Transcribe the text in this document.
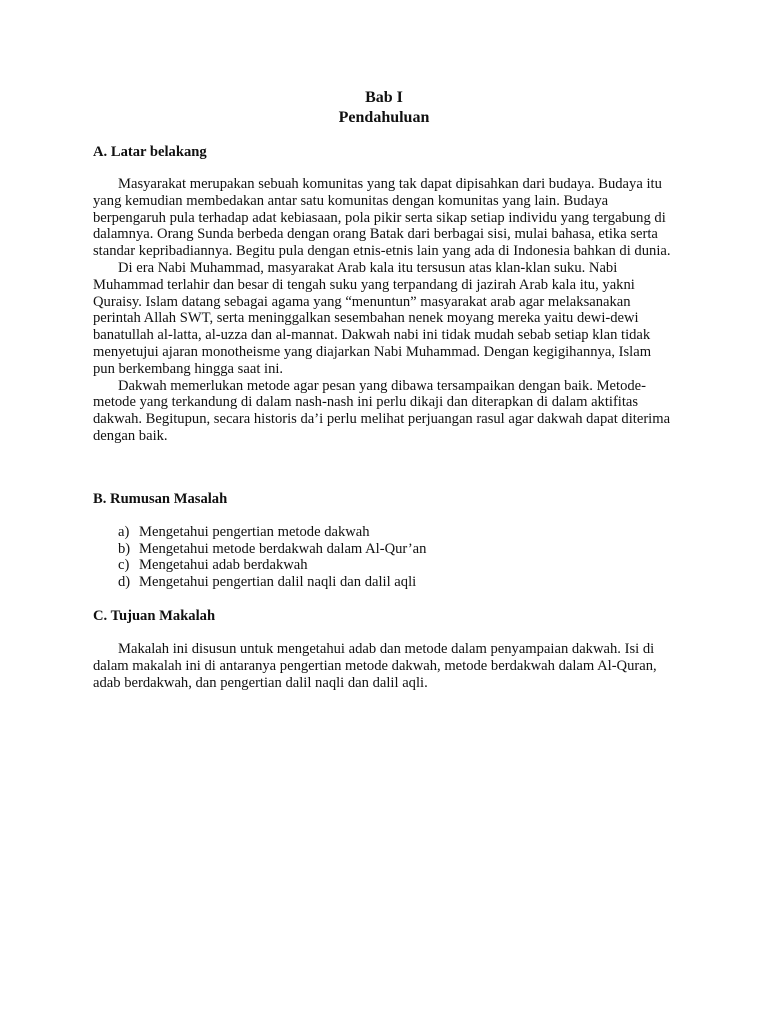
Bab I
Pendahuluan
A. Latar belakang

Masyarakat merupakan sebuah komunitas yang tak dapat dipisahkan dari budaya. Budaya itu yang kemudian membedakan antar satu komunitas dengan komunitas yang lain. Budaya berpengaruh pula terhadap adat kebiasaan, pola pikir serta sikap setiap individu yang tergabung di dalamnya. Orang Sunda berbeda dengan orang Batak dari berbagai sisi, mulai bahasa, etika serta standar kepribadiannya. Begitu pula dengan etnis-etnis lain yang ada di Indonesia bahkan di dunia.

Di era Nabi Muhammad, masyarakat Arab kala itu tersusun atas klan-klan suku. Nabi Muhammad terlahir dan besar di tengah suku yang terpandang di jazirah Arab kala itu, yakni Quraisy. Islam datang sebagai agama yang “menuntun” masyarakat arab agar melaksanakan perintah Allah SWT, serta meninggalkan sesembahan nenek moyang mereka yaitu dewi-dewi banatullah al-latta, al-uzza dan al-mannat. Dakwah nabi ini tidak mudah sebab setiap klan tidak menyetujui ajaran monotheisme yang diajarkan Nabi Muhammad. Dengan kegigihannya, Islam pun berkembang hingga saat ini.

Dakwah memerlukan metode agar pesan yang dibawa tersampaikan dengan baik. Metode-metode yang terkandung di dalam nash-nash ini perlu dikaji dan diterapkan di dalam aktifitas dakwah. Begitupun, secara historis da’i perlu melihat perjuangan rasul agar dakwah dapat diterima dengan baik.

B. Rumusan Masalah
a) Mengetahui pengertian metode dakwah
b) Mengetahui metode berdakwah dalam Al-Qur’an
c) Mengetahui adab berdakwah
d) Mengetahui pengertian dalil naqli dan dalil aqli
C. Tujuan Makalah

Makalah ini disusun untuk mengetahui adab dan metode dalam penyampaian dakwah. Isi di dalam makalah ini di antaranya pengertian metode dakwah, metode berdakwah dalam Al-Quran, adab berdakwah, dan pengertian dalil naqli dan dalil aqli.
